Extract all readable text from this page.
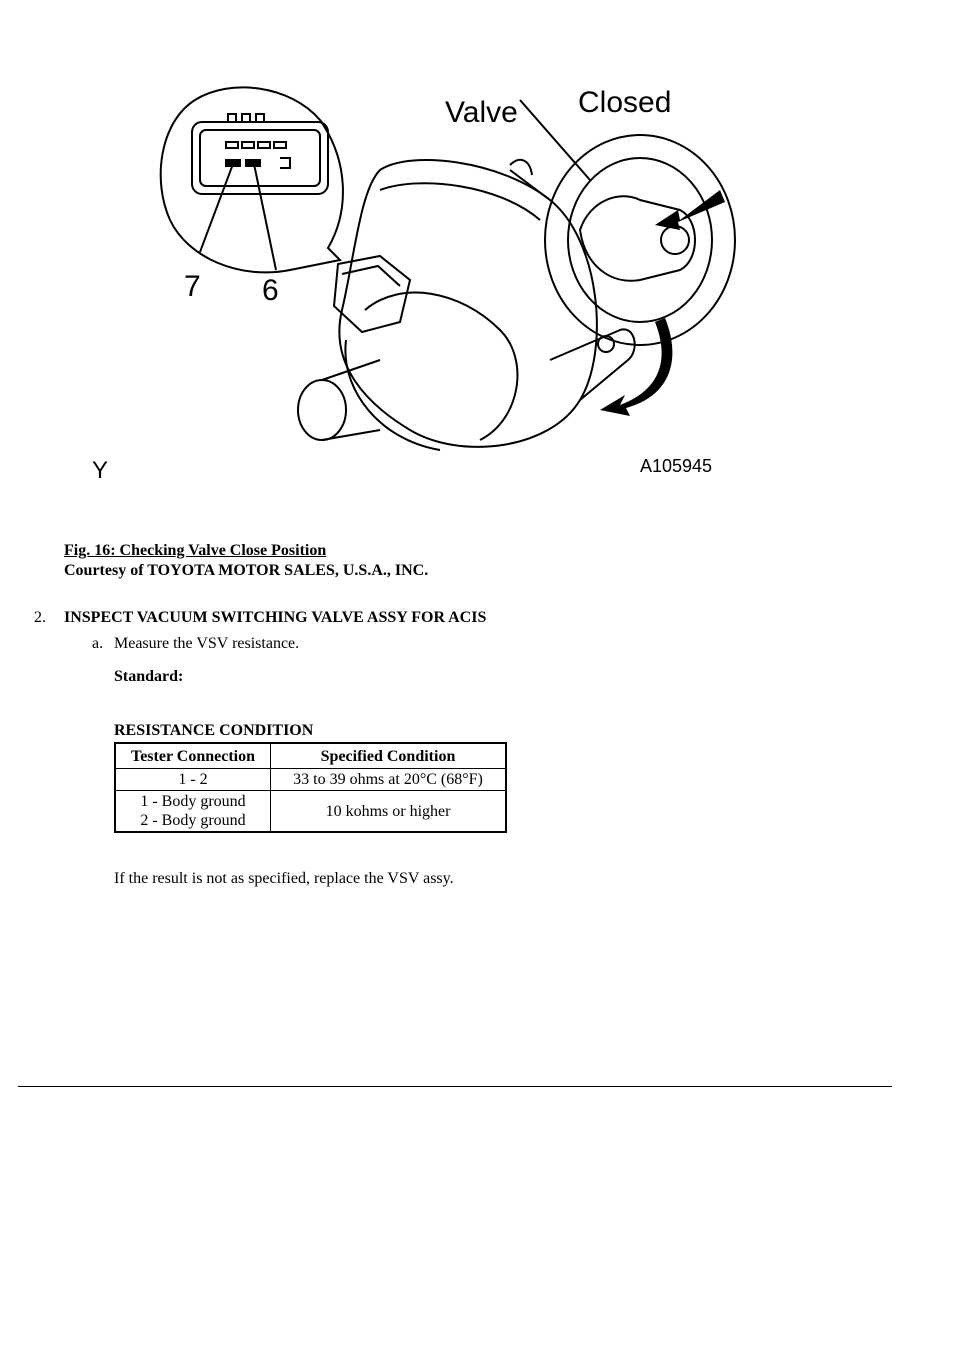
Valve Closed
7 6
Y	A105945
Fig. 16: Checking Valve Close Position
Courtesy of TOYOTA MOTOR SALES, U.S.A., INC.
2. INSPECT VACUUM SWITCHING VALVE ASSY FOR ACIS
a. Measure the VSV resistance.
Standard:
RESISTANCE CONDITION
Tester Connection	Specified Condition
1 - 2	33 to 39 ohms at 20°C (68°F)
1 - Body ground
2 - Body ground	10 kohms or higher
If the result is not as specified, replace the VSV assy.
